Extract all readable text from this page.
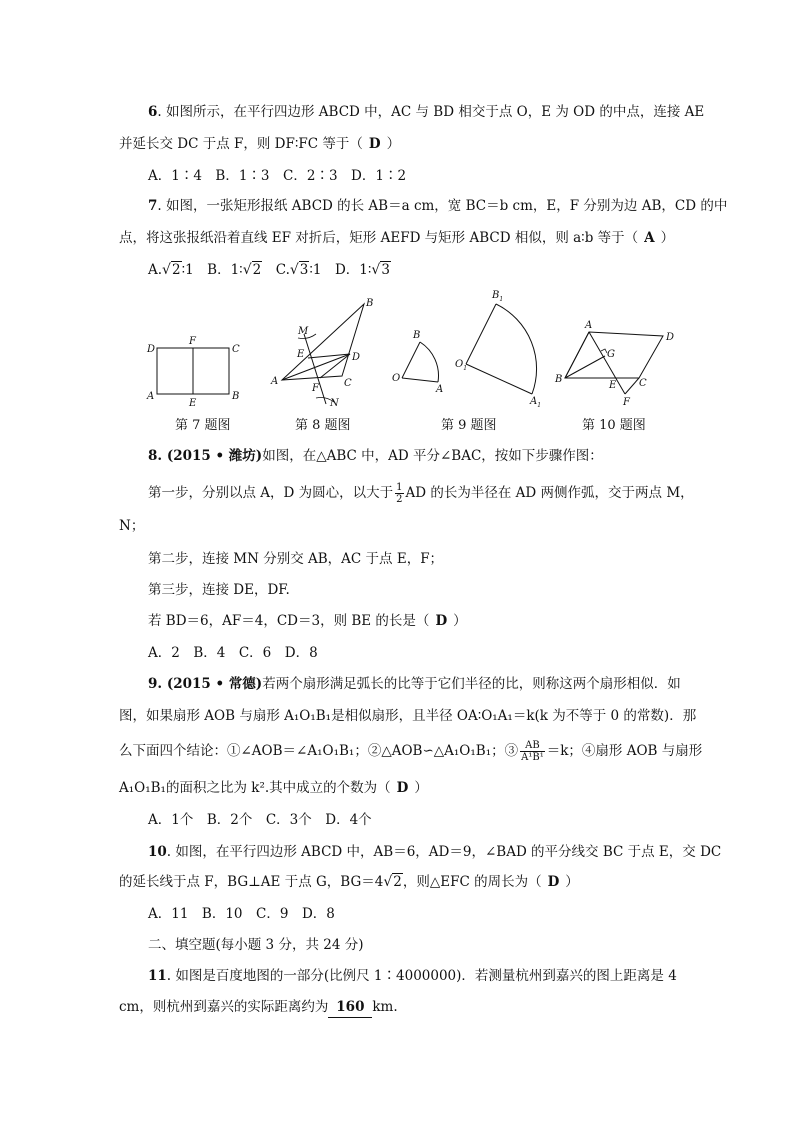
6. 如图所示，在平行四边形 ABCD 中，AC 与 BD 相交于点 O，E 为 OD 的中点，连接 AE
并延长交 DC 于点 F，则 DF∶FC 等于（ D ）
A．1∶4　B．1∶3　C．2∶3　D．1∶2
7. 如图，一张矩形报纸 ABCD 的长 AB＝a cm，宽 BC＝b cm，E，F 分别为边 AB，CD 的中
点，将这张报纸沿着直线 EF 对折后，矩形 AEFD 与矩形 ABCD 相似，则 a∶b 等于（ A ）
A.√2∶1　B．1∶√2　C.√3∶1　D．1∶√3
D
F
C
A
E
B
B
M
E	D
A
F	C
N
B
O
A
$B_1$
$O_1$
$A_1$
A
D
G
B
E C
F
第 7 题图	第 8 题图	第 9 题图	第 10 题图
8. (2015 • 潍坊)如图，在△ABC 中，AD 平分∠BAC，按如下步骤作图：
第一步，分别以点 A，D 为圆心，以大于 $\frac{1}{2}$ AD 的长为半径在 AD 两侧作弧，交于两点 M，
N；
第二步，连接 MN 分别交 AB，AC 于点 E，F；
第三步，连接 DE，DF.
若 BD＝6，AF＝4，CD＝3，则 BE 的长是（ D ）
A．2　B．4　C．6　D．8
9. (2015 • 常德)若两个扇形满足弧长的比等于它们半径的比，则称这两个扇形相似．如
图，如果扇形 AOB 与扇形 A₁O₁B₁是相似扇形，且半径 OA∶O₁A₁＝k(k 为不等于 0 的常数)．那
么下面四个结论：①∠AOB＝∠A₁O₁B₁；②△AOB∽△A₁O₁B₁；③ $\frac{AB}{\text{A¹B¹}} =k$；④扇形 AOB 与扇形
A₁O₁B₁的面积之比为 k².其中成立的个数为（ D ）
A．1个　B．2个　C．3个　D．4个
10. 如图，在平行四边形 ABCD 中，AB＝6，AD＝9，∠BAD 的平分线交 BC 于点 E，交 DC
的延长线于点 F，BG⊥AE 于点 G，BG＝4√2，则△EFC 的周长为（ D ）
A．11　B．10　C．9　D．8
二、填空题(每小题 3 分，共 24 分)
11. 如图是百度地图的一部分(比例尺 1∶4000000)．若测量杭州到嘉兴的图上距离是 4
cm，则杭州到嘉兴的实际距离约为 160 km.
